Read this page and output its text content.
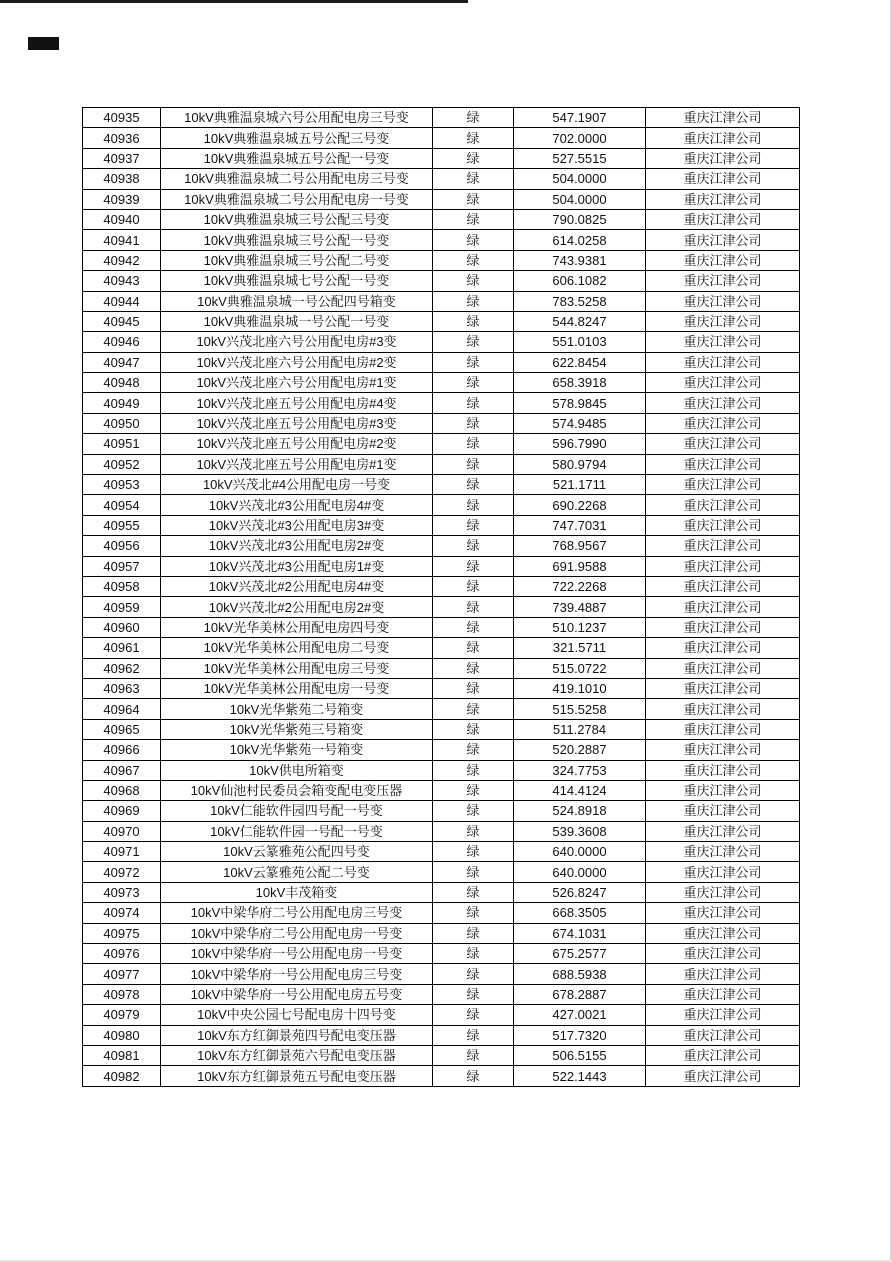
40935	10kV典雅温泉城六号公用配电房三号变	绿	547.1907	重庆江津公司
40936	10kV典雅温泉城五号公配三号变	绿	702.0000	重庆江津公司
40937	10kV典雅温泉城五号公配一号变	绿	527.5515	重庆江津公司
40938	10kV典雅温泉城二号公用配电房三号变	绿	504.0000	重庆江津公司
40939	10kV典雅温泉城二号公用配电房一号变	绿	504.0000	重庆江津公司
40940	10kV典雅温泉城三号公配三号变	绿	790.0825	重庆江津公司
40941	10kV典雅温泉城三号公配一号变	绿	614.0258	重庆江津公司
40942	10kV典雅温泉城三号公配二号变	绿	743.9381	重庆江津公司
40943	10kV典雅温泉城七号公配一号变	绿	606.1082	重庆江津公司
40944	10kV典雅温泉城一号公配四号箱变	绿	783.5258	重庆江津公司
40945	10kV典雅温泉城一号公配一号变	绿	544.8247	重庆江津公司
40946	10kV兴茂北座六号公用配电房#3变	绿	551.0103	重庆江津公司
40947	10kV兴茂北座六号公用配电房#2变	绿	622.8454	重庆江津公司
40948	10kV兴茂北座六号公用配电房#1变	绿	658.3918	重庆江津公司
40949	10kV兴茂北座五号公用配电房#4变	绿	578.9845	重庆江津公司
40950	10kV兴茂北座五号公用配电房#3变	绿	574.9485	重庆江津公司
40951	10kV兴茂北座五号公用配电房#2变	绿	596.7990	重庆江津公司
40952	10kV兴茂北座五号公用配电房#1变	绿	580.9794	重庆江津公司
40953	10kV兴茂北#4公用配电房一号变	绿	521.1711	重庆江津公司
40954	10kV兴茂北#3公用配电房4#变	绿	690.2268	重庆江津公司
40955	10kV兴茂北#3公用配电房3#变	绿	747.7031	重庆江津公司
40956	10kV兴茂北#3公用配电房2#变	绿	768.9567	重庆江津公司
40957	10kV兴茂北#3公用配电房1#变	绿	691.9588	重庆江津公司
40958	10kV兴茂北#2公用配电房4#变	绿	722.2268	重庆江津公司
40959	10kV兴茂北#2公用配电房2#变	绿	739.4887	重庆江津公司
40960	10kV光华美林公用配电房四号变	绿	510.1237	重庆江津公司
40961	10kV光华美林公用配电房二号变	绿	321.5711	重庆江津公司
40962	10kV光华美林公用配电房三号变	绿	515.0722	重庆江津公司
40963	10kV光华美林公用配电房一号变	绿	419.1010	重庆江津公司
40964	10kV光华紫苑二号箱变	绿	515.5258	重庆江津公司
40965	10kV光华紫苑三号箱变	绿	511.2784	重庆江津公司
40966	10kV光华紫苑一号箱变	绿	520.2887	重庆江津公司
40967	10kV供电所箱变	绿	324.7753	重庆江津公司
40968	10kV仙池村民委员会箱变配电变压器	绿	414.4124	重庆江津公司
40969	10kV仁能软件园四号配一号变	绿	524.8918	重庆江津公司
40970	10kV仁能软件园一号配一号变	绿	539.3608	重庆江津公司
40971	10kV云篆雅苑公配四号变	绿	640.0000	重庆江津公司
40972	10kV云篆雅苑公配二号变	绿	640.0000	重庆江津公司
40973	10kV丰茂箱变	绿	526.8247	重庆江津公司
40974	10kV中梁华府二号公用配电房三号变	绿	668.3505	重庆江津公司
40975	10kV中梁华府二号公用配电房一号变	绿	674.1031	重庆江津公司
40976	10kV中梁华府一号公用配电房一号变	绿	675.2577	重庆江津公司
40977	10kV中梁华府一号公用配电房三号变	绿	688.5938	重庆江津公司
40978	10kV中梁华府一号公用配电房五号变	绿	678.2887	重庆江津公司
40979	10kV中央公园七号配电房十四号变	绿	427.0021	重庆江津公司
40980	10kV东方红御景苑四号配电变压器	绿	517.7320	重庆江津公司
40981	10kV东方红御景苑六号配电变压器	绿	506.5155	重庆江津公司
40982	10kV东方红御景苑五号配电变压器	绿	522.1443	重庆江津公司
